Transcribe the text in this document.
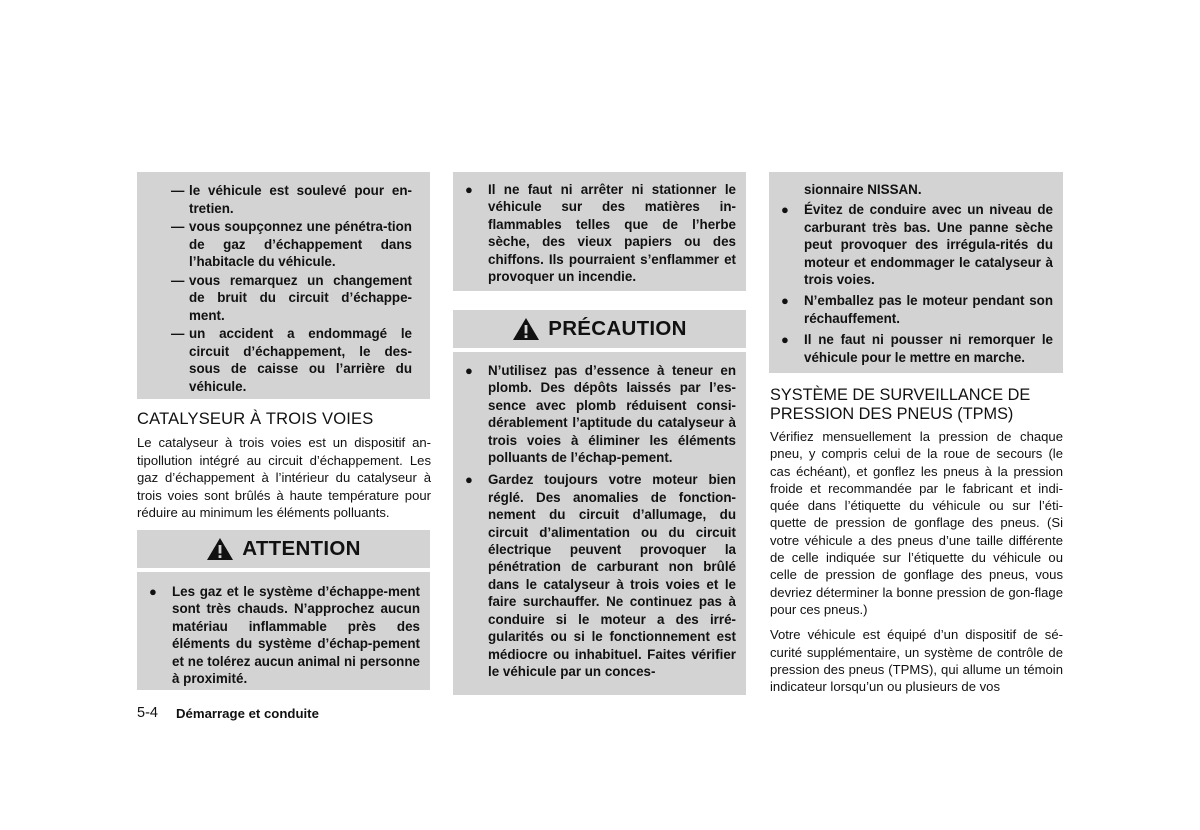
— le véhicule est soulevé pour en-tretien.
— vous soupçonnez une pénétra-tion de gaz d’échappement dans l’habitacle du véhicule.
— vous remarquez un changement de bruit du circuit d’échappe-ment.
— un accident a endommagé le circuit d’échappement, le des-sous de caisse ou l’arrière du véhicule.
CATALYSEUR À TROIS VOIES
Le catalyseur à trois voies est un dispositif an-tipollution intégré au circuit d’échappement. Les gaz d’échappement à l’intérieur du catalyseur à trois voies sont brûlés à haute température pour réduire au minimum les éléments polluants.
ATTENTION
● Les gaz et le système d’échappe-ment sont très chauds. N’approchez aucun matériau inflammable près des éléments du système d’échap-pement et ne tolérez aucun animal ni personne à proximité.
5-4 Démarrage et conduite
● Il ne faut ni arrêter ni stationner le véhicule sur des matières in-flammables telles que de l’herbe sèche, des vieux papiers ou des chiffons. Ils pourraient s’enflammer et provoquer un incendie.
PRÉCAUTION
● N’utilisez pas d’essence à teneur en plomb. Des dépôts laissés par l’es-sence avec plomb réduisent consi-dérablement l’aptitude du catalyseur à trois voies à éliminer les éléments polluants de l’échap-pement.
● Gardez toujours votre moteur bien réglé. Des anomalies de fonction-nement du circuit d’allumage, du circuit d’alimentation ou du circuit électrique peuvent provoquer la pénétration de carburant non brûlé dans le catalyseur à trois voies et le faire surchauffer. Ne continuez pas à conduire si le moteur a des irré-gularités ou si le fonctionnement est médiocre ou inhabituel. Faites vérifier le véhicule par un conces-
sionnaire NISSAN.
● Évitez de conduire avec un niveau de carburant très bas. Une panne sèche peut provoquer des irrégula-rités du moteur et endommager le catalyseur à trois voies.
● N’emballez pas le moteur pendant son réchauffement.
● Il ne faut ni pousser ni remorquer le véhicule pour le mettre en marche.
SYSTÈME DE SURVEILLANCE DE PRESSION DES PNEUS (TPMS)

Vérifiez mensuellement la pression de chaque pneu, y compris celui de la roue de secours (le cas échéant), et gonflez les pneus à la pression froide et recommandée par le fabricant et indi-quée dans l’étiquette du véhicule ou sur l’éti-quette de pression de gonflage des pneus. (Si votre véhicule a des pneus d’une taille différente de celle indiquée sur l’étiquette du véhicule ou celle de pression de gonflage des pneus, vous devriez déterminer la bonne pression de gon-flage pour ces pneus.)

Votre véhicule est équipé d’un dispositif de sé-curité supplémentaire, un système de contrôle de pression des pneus (TPMS), qui allume un témoin indicateur lorsqu’un ou plusieurs de vos
